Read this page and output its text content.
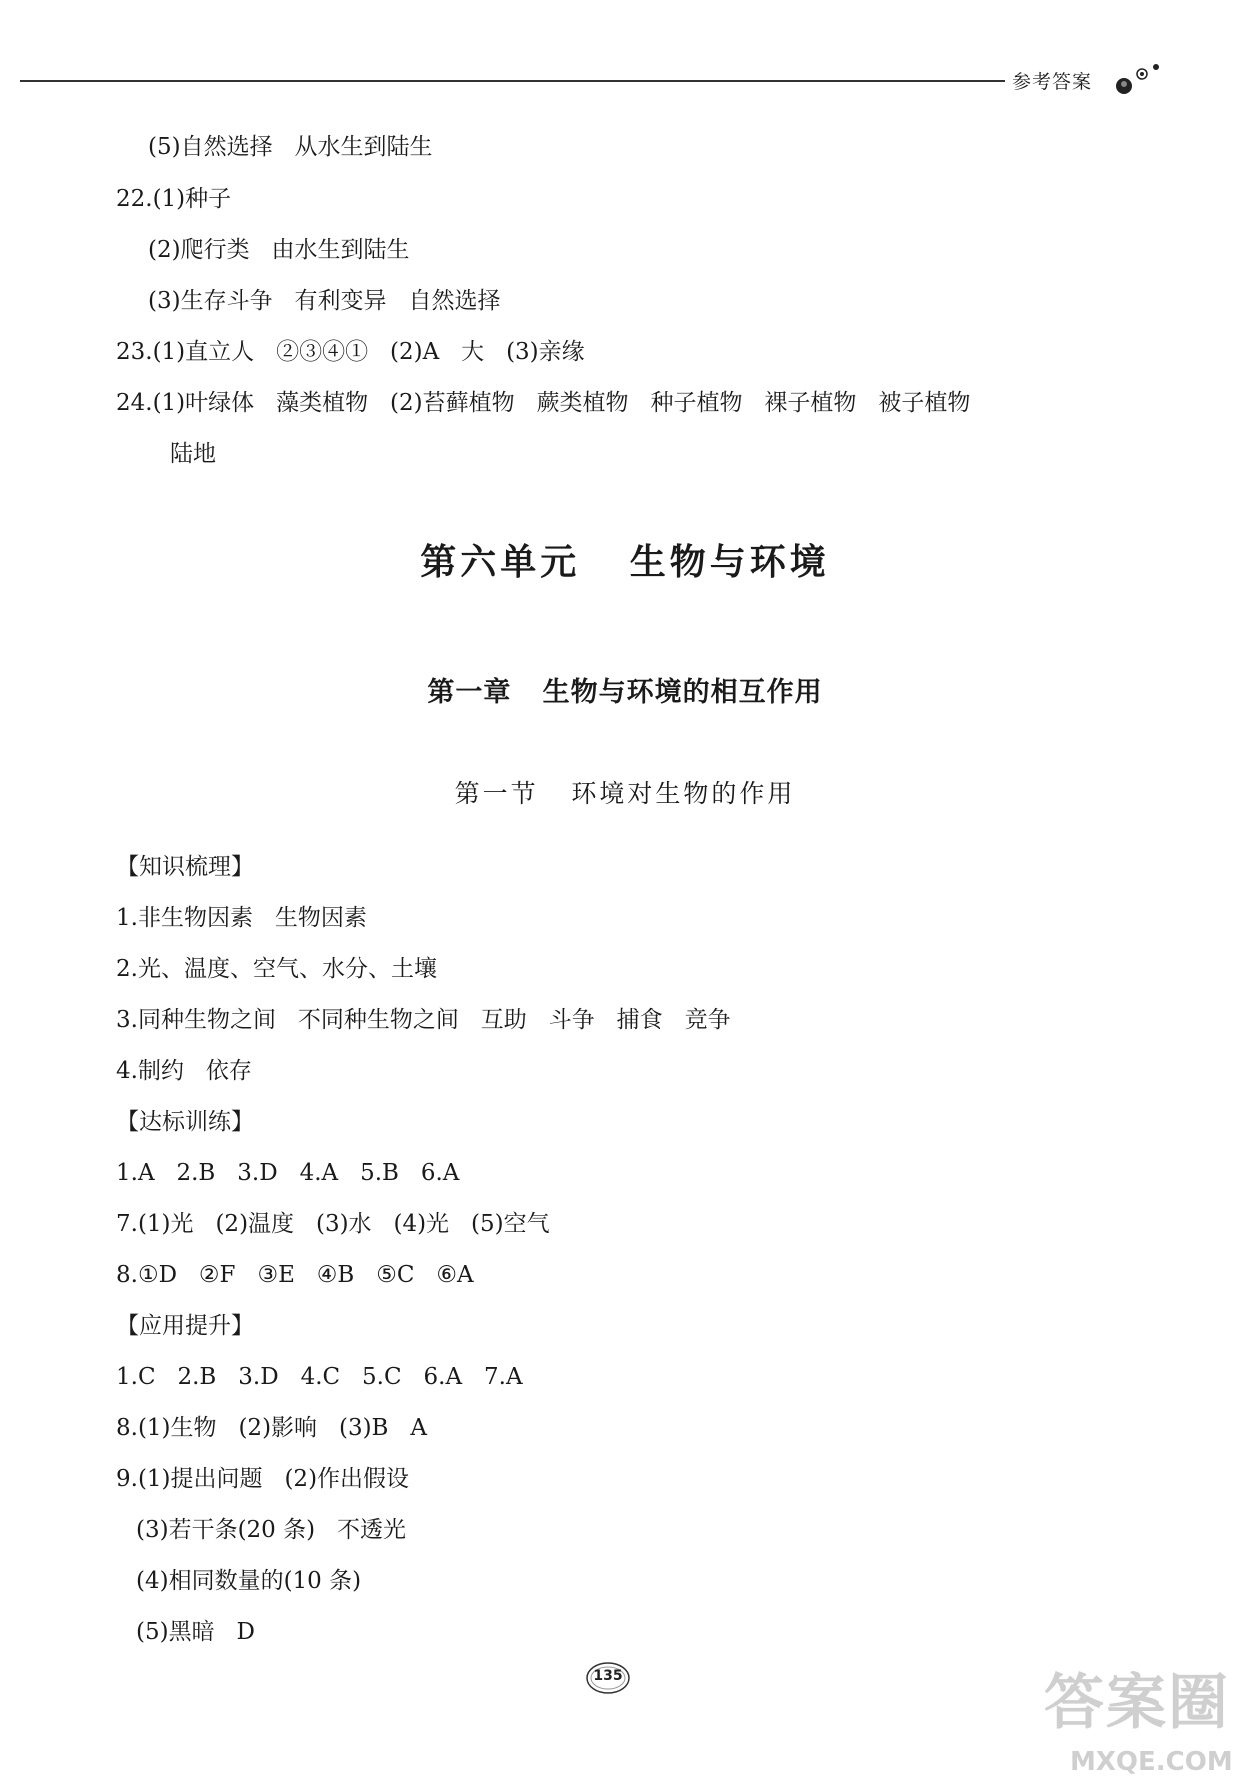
参考答案
(5)自然选择   从水生到陆生
22.(1)种子
(2)爬行类   由水生到陆生
(3)生存斗争   有利变异   自然选择
23.(1)直立人   ②③④①   (2)A   大   (3)亲缘
24.(1)叶绿体   藻类植物   (2)苔藓植物   蕨类植物   种子植物   裸子植物   被子植物
陆地
第六单元   生物与环境
第一章   生物与环境的相互作用
第一节   环境对生物的作用
【知识梳理】
1.非生物因素   生物因素
2.光、温度、空气、水分、土壤
3.同种生物之间   不同种生物之间   互助   斗争   捕食   竞争
4.制约   依存
【达标训练】
1.A   2.B   3.D   4.A   5.B   6.A
7.(1)光   (2)温度   (3)水   (4)光   (5)空气
8.①D   ②F   ③E   ④B   ⑤C   ⑥A
【应用提升】
1.C   2.B   3.D   4.C   5.C   6.A   7.A
8.(1)生物   (2)影响   (3)B   A
9.(1)提出问题   (2)作出假设
(3)若干条(20 条)   不透光
(4)相同数量的(10 条)
(5)黑暗   D
135	答案圈
MXQE.COM
